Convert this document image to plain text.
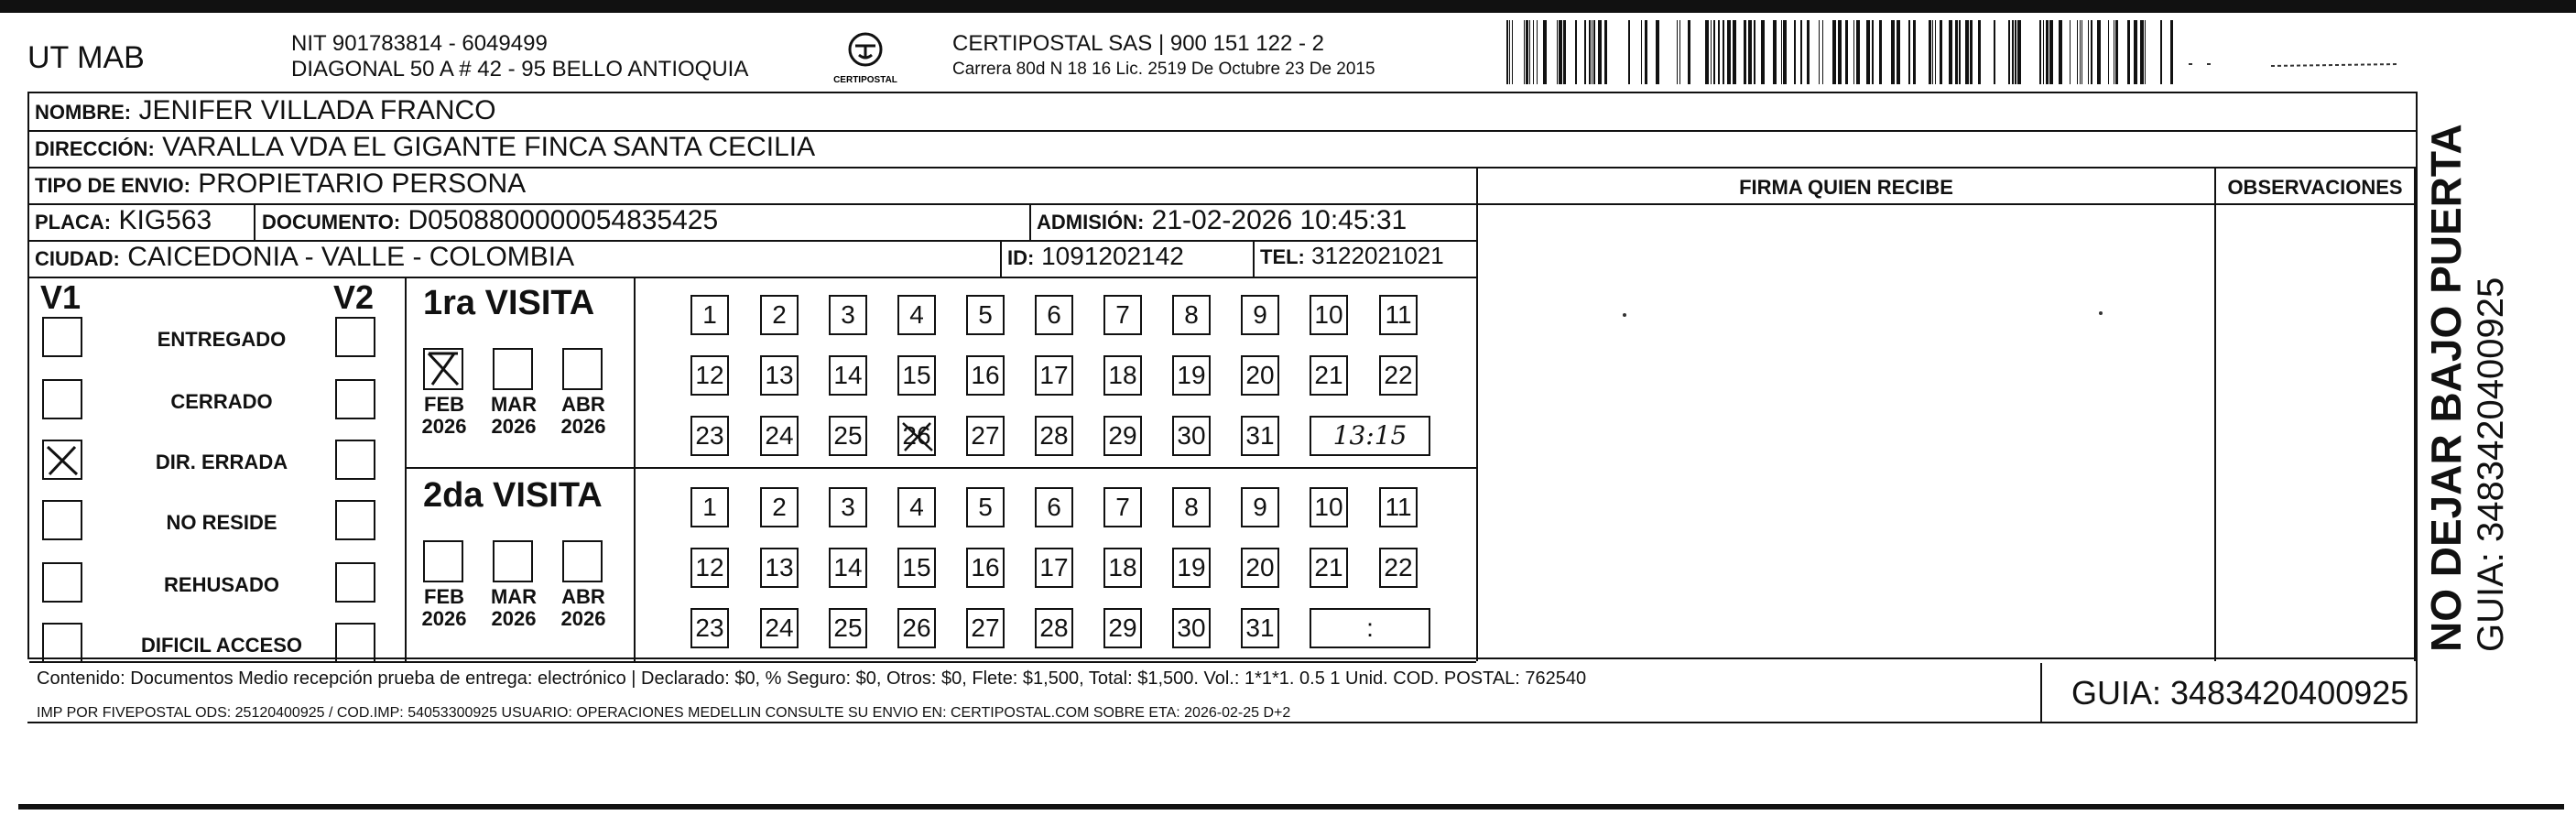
UT MAB	NIT 901783814 - 6049499
DIAGONAL 50 A # 42 - 95 BELLO ANTIOQUIA	CERTIPOSTAL
CERTIPOSTAL SAS | 900 151 122 - 2
Carrera 80d N 18 16 Lic. 2519 De Octubre 23 De 2015
NOMBRE: JENIFER VILLADA FRANCO
DIRECCIÓN: VARALLA VDA EL GIGANTE FINCA SANTA CECILIA
TIPO DE ENVIO: PROPIETARIO PERSONA
PLACA: KIG563 DOCUMENTO: D0508800000054835425	ADMISIÓN: 21-02-2026 10:45:31
CIUDAD: CAICEDONIA - VALLE - COLOMBIA	ID: 1091202142	TEL: 3122021021
FIRMA QUIEN RECIBE	OBSERVACIONES
V1	V2
ENTREGADO
CERRADO
DIR. ERRADA
NO RESIDE
REHUSADO
DIFICIL ACCESO
1ra VISITA
FEB
2026
MAR
2026
ABR
2026
1	2	3	4	5	6	7	8	9	10 11
12 13 14 15 16 17 18 19 20 21 22
23 24 25 26 27 28 29 30 31	13:15
2da VISITA
FEB
2026
MAR
2026
ABR
2026
1	2	3	4	5	6	7	8	9	10 11
12 13 14 15 16 17 18 19 20 21 22
23 24 25 26 27 28 29 30 31	:
Contenido: Documentos Medio recepción prueba de entrega: electrónico | Declarado: $0, % Seguro: $0, Otros: $0, Flete: $1,500, Total: $1,500. Vol.: 1*1*1. 0.5 1 Unid. COD. POSTAL: 762540
IMP POR FIVEPOSTAL ODS: 25120400925 / COD.IMP: 54053300925 USUARIO: OPERACIONES MEDELLIN CONSULTE SU ENVIO EN: CERTIPOSTAL.COM SOBRE ETA: 2026-02-25 D+2
GUIA: 3483420400925
NO DEJAR BAJO PUERTA GUIA: 3483420400925
